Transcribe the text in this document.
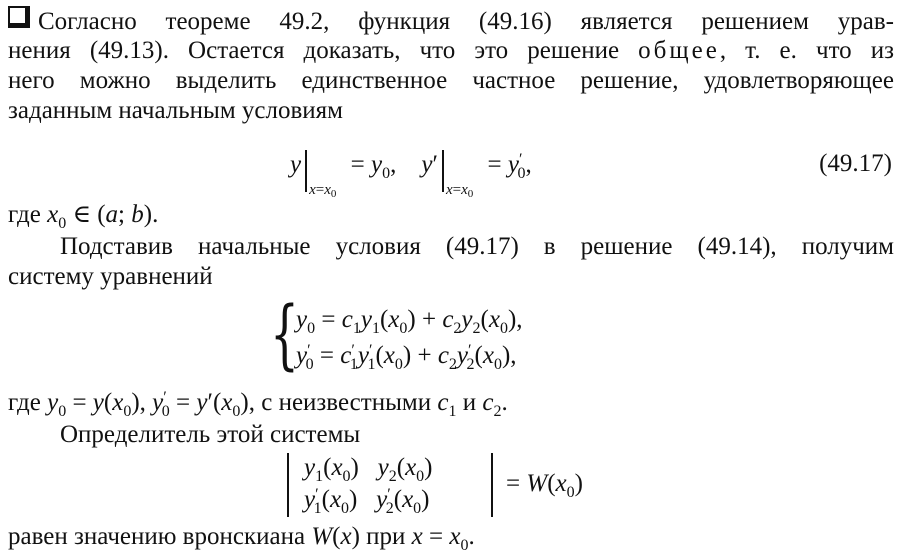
Согласно теореме 49.2, функция (49.16) является решением урав-
нения (49.13). Остается доказать, что это решение общее, т. е. что из
него можно выделить единственное частное решение, удовлетворяющее
заданным начальным условиям
$y_{x=x_0} = y_0$,    $y'_{x=x_0} = y'_0$,	(49.17)
где $x_0$ ∈ (a; b).
Подставив начальные условия (49.17) в решение (49.14), получим
систему уравнений
{
$y_0 = c_1y_1(x_0) + c_2y_2(x_0)$,
$y'_0 = c'_1y'_1(x_0) + c_2y'_2(x_0)$,
где $y_0 = y(x_0)$, $y'_0 = y'(x_0)$, с неизвестными $c_1$ и $c_2$.
Определитель этой системы
$y_1(x_0)$   $y_2(x_0)$
$y'_1(x_0)$   $y'_2(x_0)$
= $W(x_0)$
равен значению вронскиана W(x) при $x = x_0$.
